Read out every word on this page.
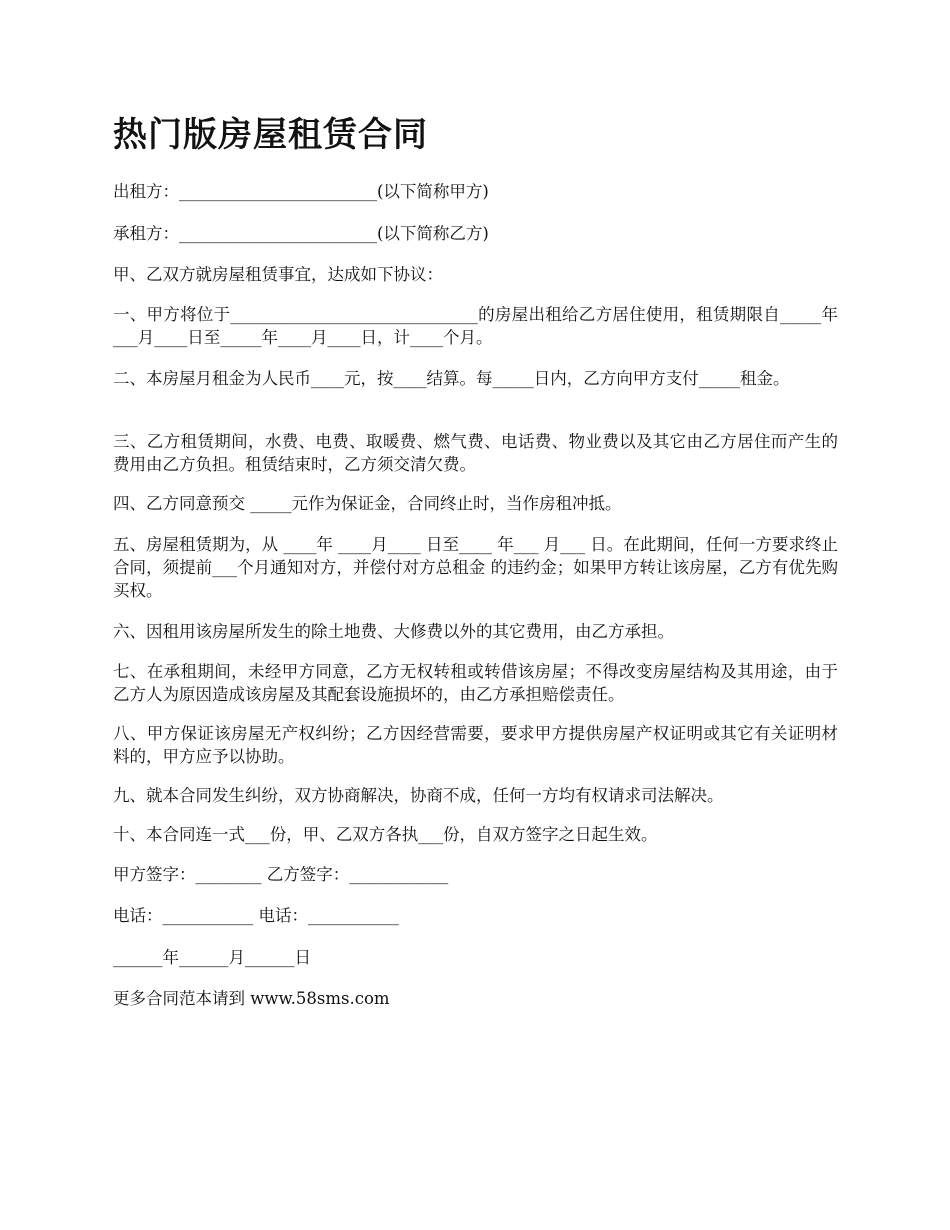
热门版房屋租赁合同

出租方：________________________(以下简称甲方)

承租方：________________________(以下简称乙方)

甲、乙双方就房屋租赁事宜，达成如下协议：

一、甲方将位于______________________________的房屋出租给乙方居住使用，租赁期限自_____年___月____日至_____年____月____日，计____个月。

二、本房屋月租金为人民币____元，按____结算。每_____日内，乙方向甲方支付_____租金。

三、乙方租赁期间，水费、电费、取暖费、燃气费、电话费、物业费以及其它由乙方居住而产生的费用由乙方负担。租赁结束时，乙方须交清欠费。

四、乙方同意预交 _____元作为保证金，合同终止时，当作房租冲抵。

五、房屋租赁期为，从 ____年 ____月____ 日至____ 年___ 月___ 日。在此期间，任何一方要求终止合同，须提前___个月通知对方，并偿付对方总租金 的违约金；如果甲方转让该房屋，乙方有优先购买权。

六、因租用该房屋所发生的除土地费、大修费以外的其它费用，由乙方承担。

七、在承租期间，未经甲方同意，乙方无权转租或转借该房屋；不得改变房屋结构及其用途，由于乙方人为原因造成该房屋及其配套设施损坏的，由乙方承担赔偿责任。

八、甲方保证该房屋无产权纠纷；乙方因经营需要，要求甲方提供房屋产权证明或其它有关证明材料的，甲方应予以协助。

九、就本合同发生纠纷，双方协商解决，协商不成，任何一方均有权请求司法解决。

十、本合同连一式___份，甲、乙双方各执___份，自双方签字之日起生效。

甲方签字：________ 乙方签字：____________

电话：___________ 电话：___________

______年______月______日

更多合同范本请到 www.58sms.com
